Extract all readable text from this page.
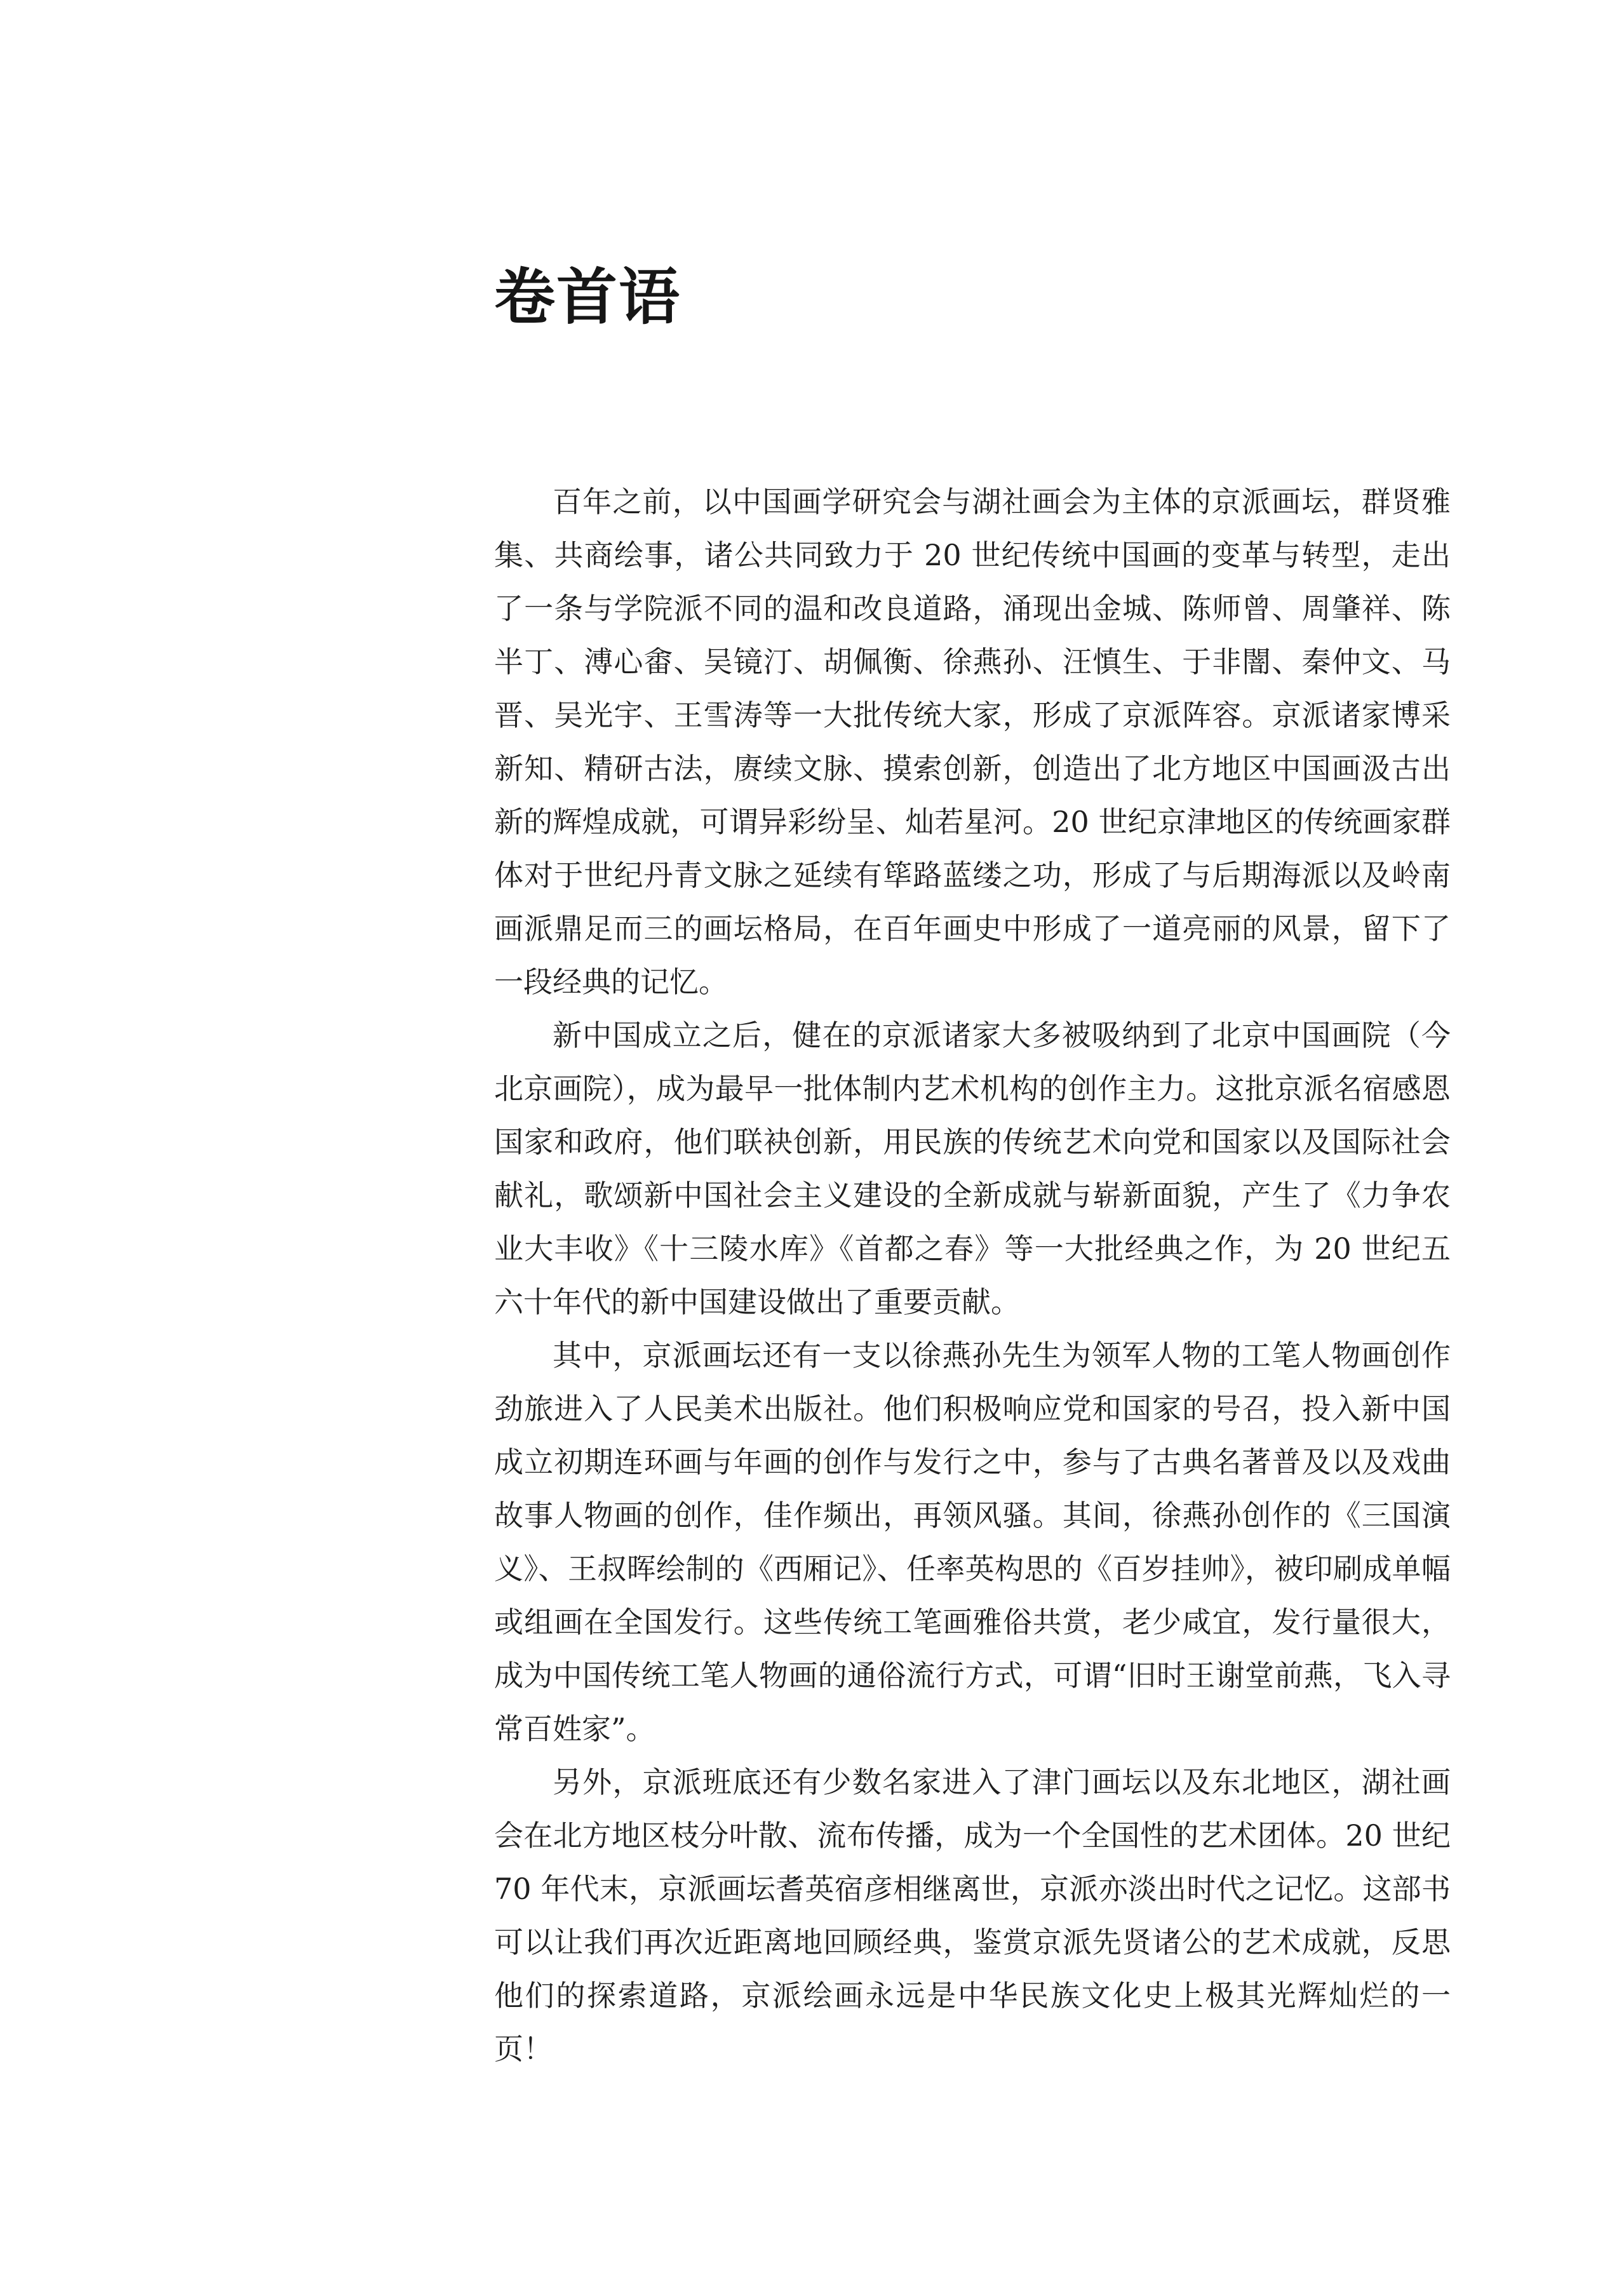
卷首语

百年之前，以中国画学研究会与湖社画会为主体的京派画坛，群贤雅集、共商绘事，诸公共同致力于 20 世纪传统中国画的变革与转型，走出了一条与学院派不同的温和改良道路，涌现出金城、陈师曾、周肇祥、陈半丁、溥心畬、吴镜汀、胡佩衡、徐燕孙、汪慎生、于非闇、秦仲文、马晋、吴光宇、王雪涛等一大批传统大家，形成了京派阵容。京派诸家博采新知、精研古法，赓续文脉、摸索创新，创造出了北方地区中国画汲古出新的辉煌成就，可谓异彩纷呈、灿若星河。20 世纪京津地区的传统画家群体对于世纪丹青文脉之延续有筚路蓝缕之功，形成了与后期海派以及岭南画派鼎足而三的画坛格局，在百年画史中形成了一道亮丽的风景，留下了一段经典的记忆。

新中国成立之后，健在的京派诸家大多被吸纳到了北京中国画院（今北京画院），成为最早一批体制内艺术机构的创作主力。这批京派名宿感恩国家和政府，他们联袂创新，用民族的传统艺术向党和国家以及国际社会献礼，歌颂新中国社会主义建设的全新成就与崭新面貌，产生了《力争农业大丰收》《十三陵水库》《首都之春》等一大批经典之作，为 20 世纪五六十年代的新中国建设做出了重要贡献。

其中，京派画坛还有一支以徐燕孙先生为领军人物的工笔人物画创作劲旅进入了人民美术出版社。他们积极响应党和国家的号召，投入新中国成立初期连环画与年画的创作与发行之中，参与了古典名著普及以及戏曲故事人物画的创作，佳作频出，再领风骚。其间，徐燕孙创作的《三国演义》、王叔晖绘制的《西厢记》、任率英构思的《百岁挂帅》，被印刷成单幅或组画在全国发行。这些传统工笔画雅俗共赏，老少咸宜，发行量很大，成为中国传统工笔人物画的通俗流行方式，可谓“旧时王谢堂前燕，飞入寻常百姓家”。

另外，京派班底还有少数名家进入了津门画坛以及东北地区，湖社画会在北方地区枝分叶散、流布传播，成为一个全国性的艺术团体。20 世纪 70 年代末，京派画坛耆英宿彦相继离世，京派亦淡出时代之记忆。这部书可以让我们再次近距离地回顾经典，鉴赏京派先贤诸公的艺术成就，反思他们的探索道路，京派绘画永远是中华民族文化史上极其光辉灿烂的一页！
